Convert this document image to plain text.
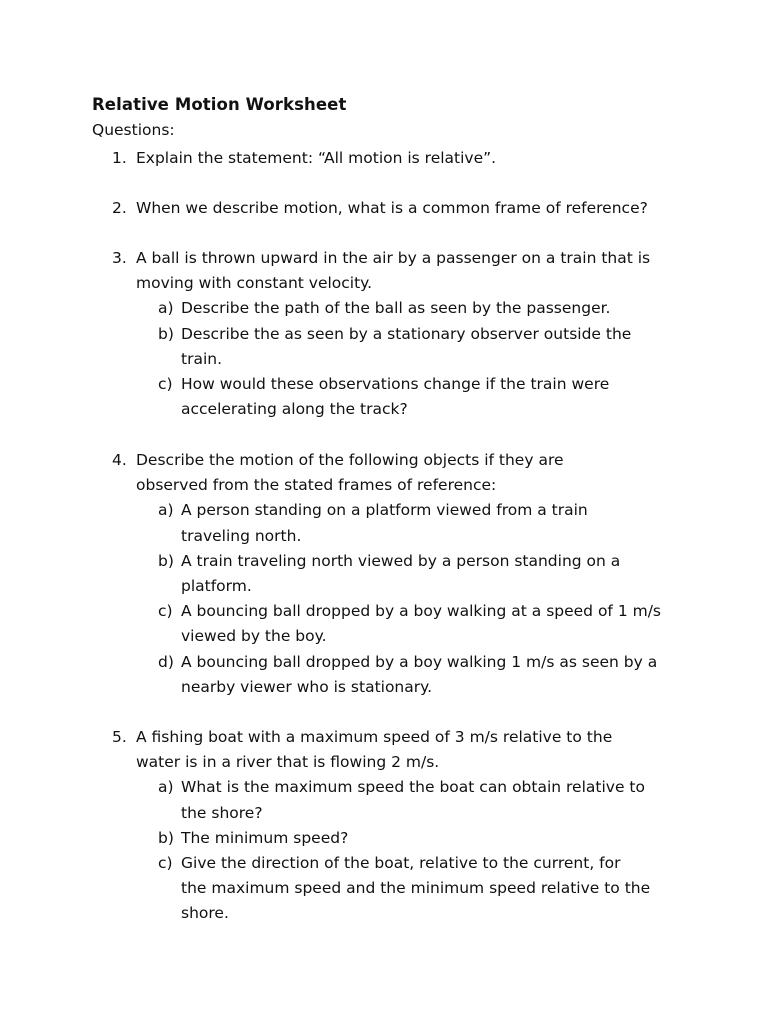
Relative Motion Worksheet
Questions:
1. Explain the statement: “All motion is relative”.
2. When we describe motion, what is a common frame of reference?
3. A ball is thrown upward in the air by a passenger on a train that is
moving with constant velocity.
a) Describe the path of the ball as seen by the passenger.
b) Describe the as seen by a stationary observer outside the
train.
c) How would these observations change if the train were
accelerating along the track?
4. Describe the motion of the following objects if they are
observed from the stated frames of reference:
a) A person standing on a platform viewed from a train
traveling north.
b) A train traveling north viewed by a person standing on a
platform.
c) A bouncing ball dropped by a boy walking at a speed of 1 m/s
viewed by the boy.
d) A bouncing ball dropped by a boy walking 1 m/s as seen by a
nearby viewer who is stationary.
5. A fishing boat with a maximum speed of 3 m/s relative to the
water is in a river that is flowing 2 m/s.
a) What is the maximum speed the boat can obtain relative to
the shore?
b) The minimum speed?
c) Give the direction of the boat, relative to the current, for
the maximum speed and the minimum speed relative to the
shore.
